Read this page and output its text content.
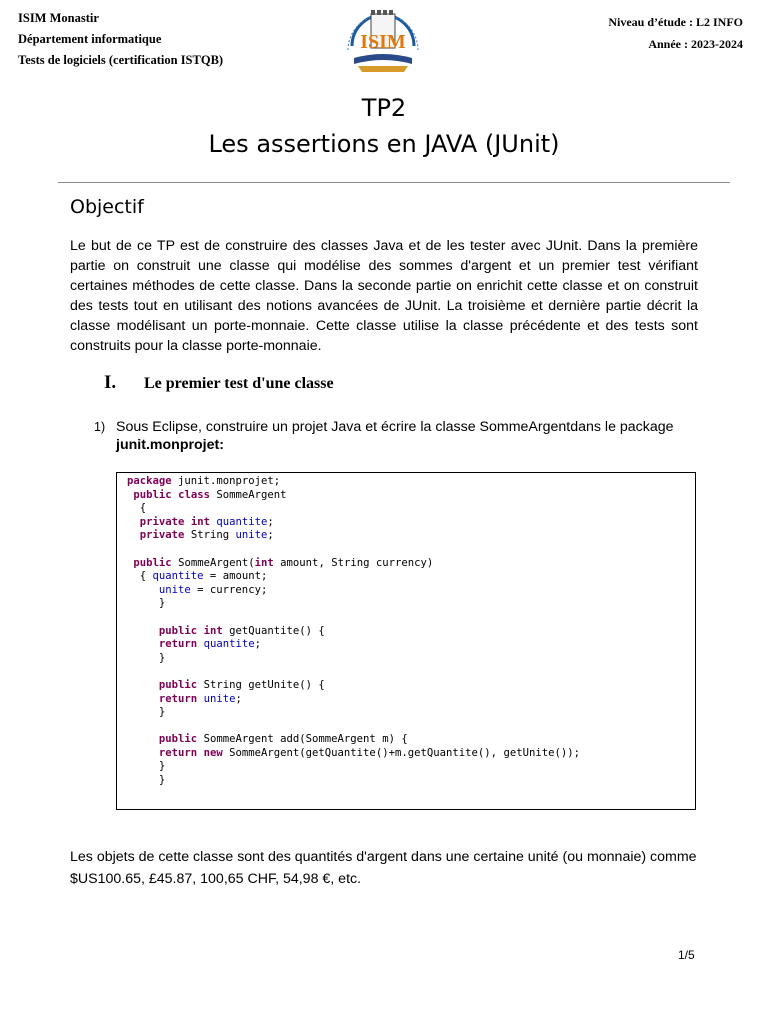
ISIM Monastir
Département informatique
Tests de logiciels (certification ISTQB)
ISIM
Niveau d’étude : L2 INFO
Année : 2023-2024
TP2
Les assertions en JAVA (JUnit)
Objectif
Le but de ce TP est de construire des classes Java et de les tester avec JUnit. Dans la première partie on construit une classe qui modélise des sommes d'argent et un premier test vérifiant certaines méthodes de cette classe. Dans la seconde partie on enrichit cette classe et on construit des tests tout en utilisant des notions avancées de JUnit. La troisième et dernière partie décrit la classe modélisant un porte-monnaie. Cette classe utilise la classe précédente et des tests sont construits pour la classe porte-monnaie.
I. Le premier test d'une classe
1) Sous Eclipse, construire un projet Java et écrire la classe SommeArgentdans le package junit.monprojet:
package junit.monprojet;
public class SommeArgent
{
private int quantite;
private String unite;

public SommeArgent(int amount, String currency)
{ quantite = amount;
unite = currency;
}

public int getQuantite() {
return quantite;
}

public String getUnite() {
return unite;
}

public SommeArgent add(SommeArgent m) {
return new SommeArgent(getQuantite()+m.getQuantite(), getUnite());
}
}
Les objets de cette classe sont des quantités d'argent dans une certaine unité (ou monnaie) comme $US100.65, £45.87, 100,65 CHF, 54,98 €, etc.
1/5
